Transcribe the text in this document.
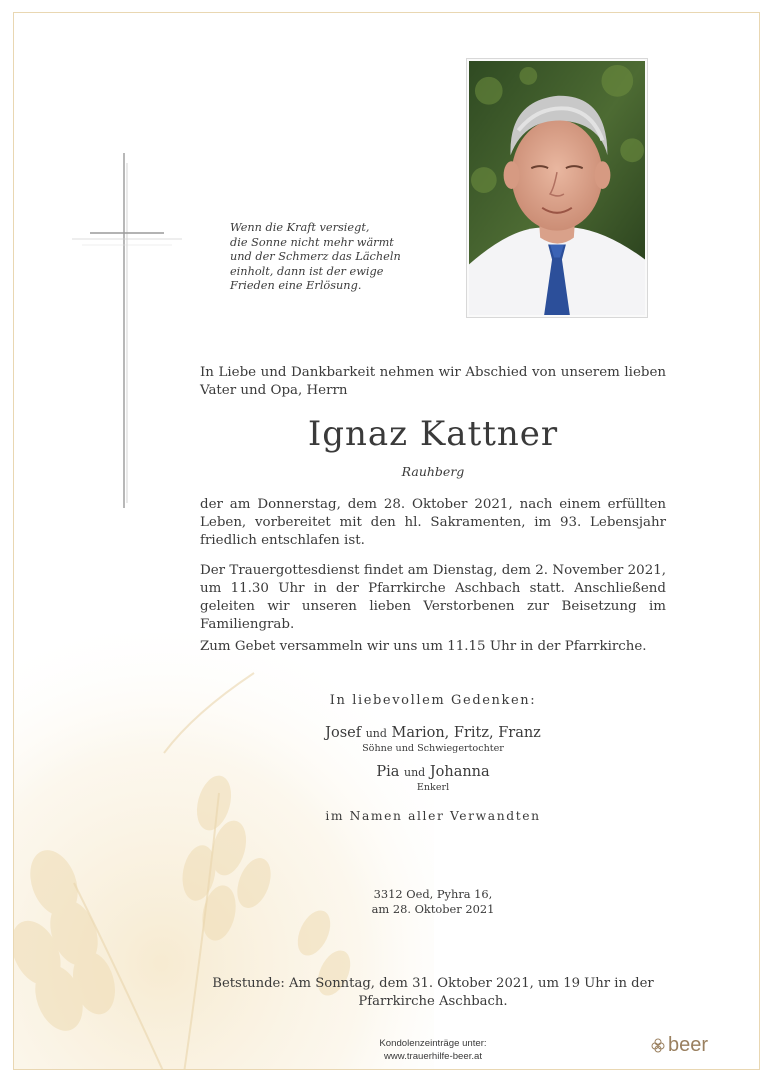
Wenn die Kraft versiegt,
die Sonne nicht mehr wärmt
und der Schmerz das Lächeln
einholt, dann ist der ewige
Frieden eine Erlösung.
In Liebe und Dankbarkeit nehmen wir Abschied von unserem lieben Vater und Opa, Herrn
Ignaz Kattner
Rauhberg
der am Donnerstag, dem 28. Oktober 2021, nach einem erfüllten Leben, vorbereitet mit den hl. Sakramenten, im 93. Lebensjahr friedlich entschlafen ist.
Der Trauergottesdienst findet am Dienstag, dem 2. November 2021, um 11.30 Uhr in der Pfarrkirche Aschbach statt. Anschließend geleiten wir unseren lieben Verstorbenen zur Beisetzung im Familiengrab.
Zum Gebet versammeln wir uns um 11.15 Uhr in der Pfarrkirche.
In liebevollem Gedenken:
Josef und Marion, Fritz, Franz
Söhne und Schwiegertochter
Pia und Johanna
Enkerl
im Namen aller Verwandten
3312 Oed, Pyhra 16,
am 28. Oktober 2021
Betstunde: Am Sonntag, dem 31. Oktober 2021, um 19 Uhr in der Pfarrkirche Aschbach.
Kondolenzeinträge unter:
www.trauerhilfe-beer.at
beer
